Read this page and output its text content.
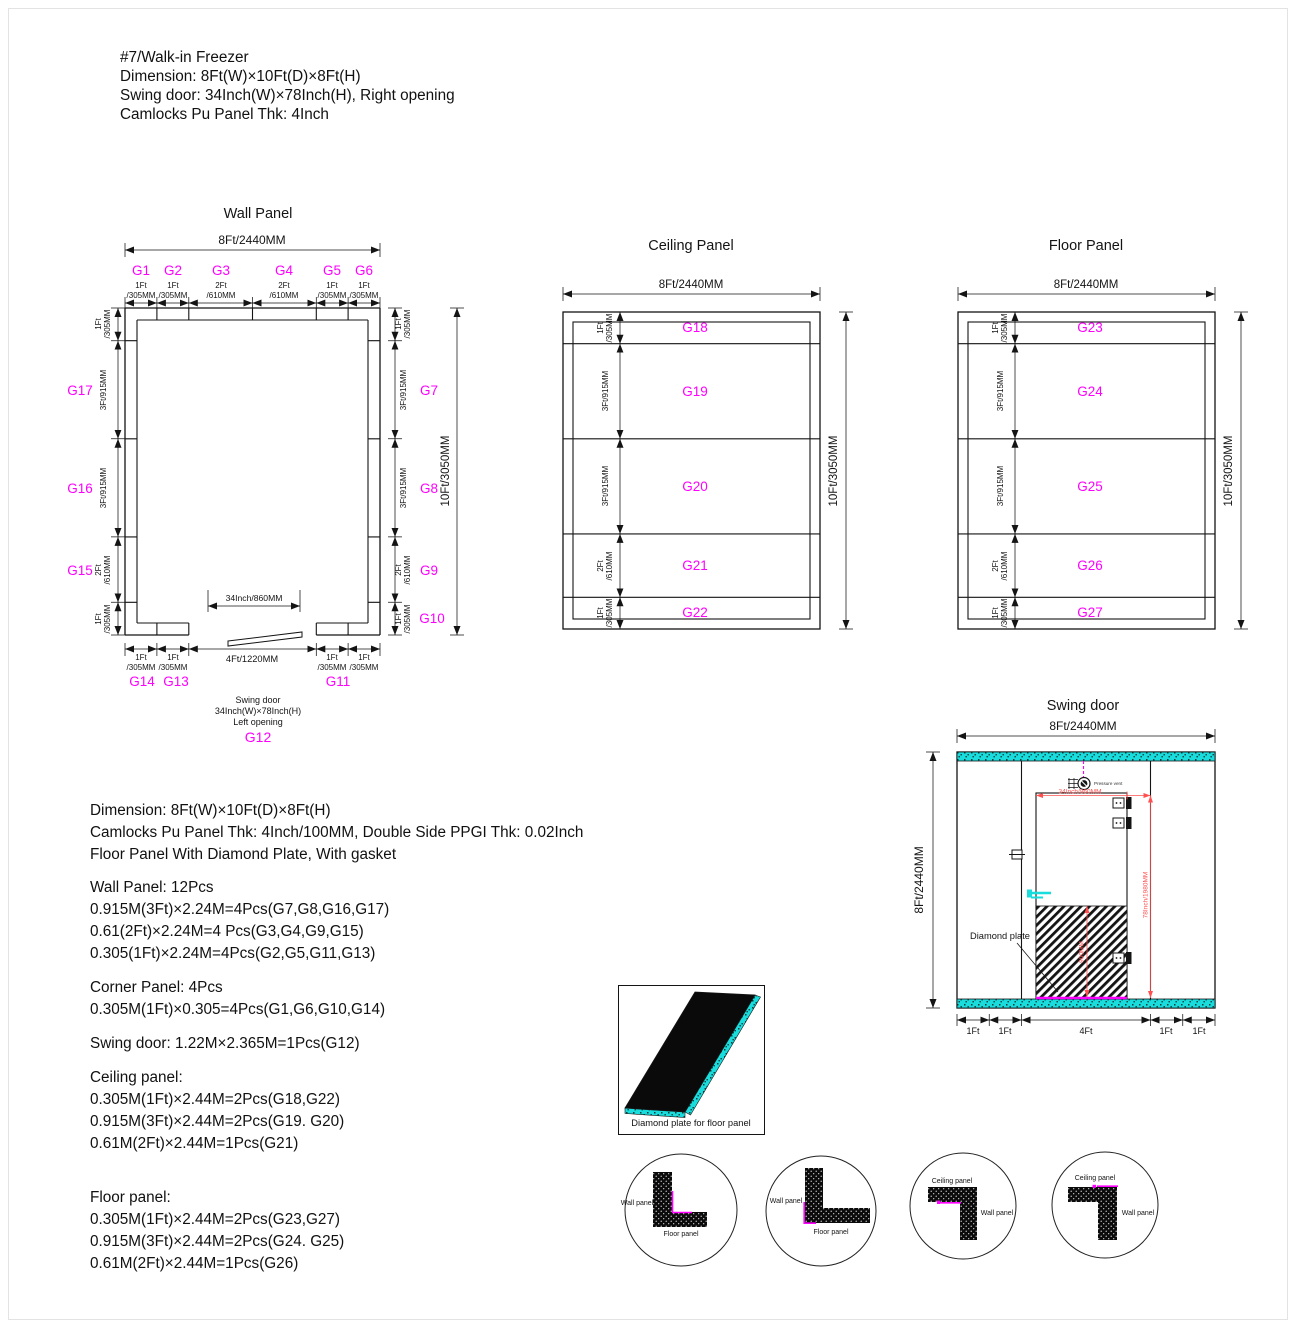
#7/Walk-in Freezer
Dimension: 8Ft(W)×10Ft(D)×8Ft(H)
Swing door: 34Inch(W)×78Inch(H), Right opening
Camlocks Pu Panel Thk: 4Inch
Wall Panel
8Ft/2440MM
G1 G2 G3	G4 G5 G6
1Ft	1Ft	2Ft	2Ft	1Ft	1Ft
/305MM /305MM /610MM	/610MM /305MM /305MM
34Inch/860MM
1Ft /305MM
3Ft/915MM
3Ft/915MM
2Ft /610MM
1Ft /305MM
G17
G16
G15
1Ft /305MM
3Ft/915MM
3Ft/915MM
2Ft /610MM
1Ft /305MM
G7
G8
G9
G10
10Ft/3050MM
1Ft	1Ft
/305MM /305MM
4Ft/1220MM	1Ft	1Ft
/305MM /305MM
G14 G13	G11
Swing door
34Inch(W)×78Inch(H)
Left opening
G12
Ceiling Panel
8Ft/2440MM
1Ft /305MM
3Ft/915MM
3Ft/915MM
2Ft /610MM
1Ft /305MM
G18
G19
G20
G21
G22
10Ft/3050MM
Floor Panel
8Ft/2440MM
1Ft /305MM
3Ft/915MM
3Ft/915MM
2Ft /610MM
1Ft /305MM
G23
G24
G25
G26
G27
10Ft/3050MM
Swing door
8Ft/2440MM
8Ft/2440MM
Pressure vent
34Inch/860MM
78Inch/1980MM
900MM
Diamond plate
1Ft 1Ft	4Ft	1Ft 1Ft
Dimension: 8Ft(W)×10Ft(D)×8Ft(H)
Camlocks Pu Panel Thk: 4Inch/100MM, Double Side PPGI Thk: 0.02Inch
Floor Panel With Diamond Plate, With gasket
Wall Panel: 12Pcs
0.915M(3Ft)×2.24M=4Pcs(G7,G8,G16,G17)
0.61(2Ft)×2.24M=4 Pcs(G3,G4,G9,G15)
0.305(1Ft)×2.24M=4Pcs(G2,G5,G11,G13)
Corner Panel: 4Pcs
0.305M(1Ft)×0.305=4Pcs(G1,G6,G10,G14)
Swing door: 1.22M×2.365M=1Pcs(G12)
Ceiling panel:
0.305M(1Ft)×2.44M=2Pcs(G18,G22)
0.915M(3Ft)×2.44M=2Pcs(G19. G20)
0.61M(2Ft)×2.44M=1Pcs(G21)
Floor panel:
0.305M(1Ft)×2.44M=2Pcs(G23,G27)
0.915M(3Ft)×2.44M=2Pcs(G24. G25)
0.61M(2Ft)×2.44M=1Pcs(G26)
Diamond plate for floor panel
Wall panel
Floor panel
Wall panel
Floor panel
Ceiling panel
Wall panel
Ceiling panel
Wall panel
